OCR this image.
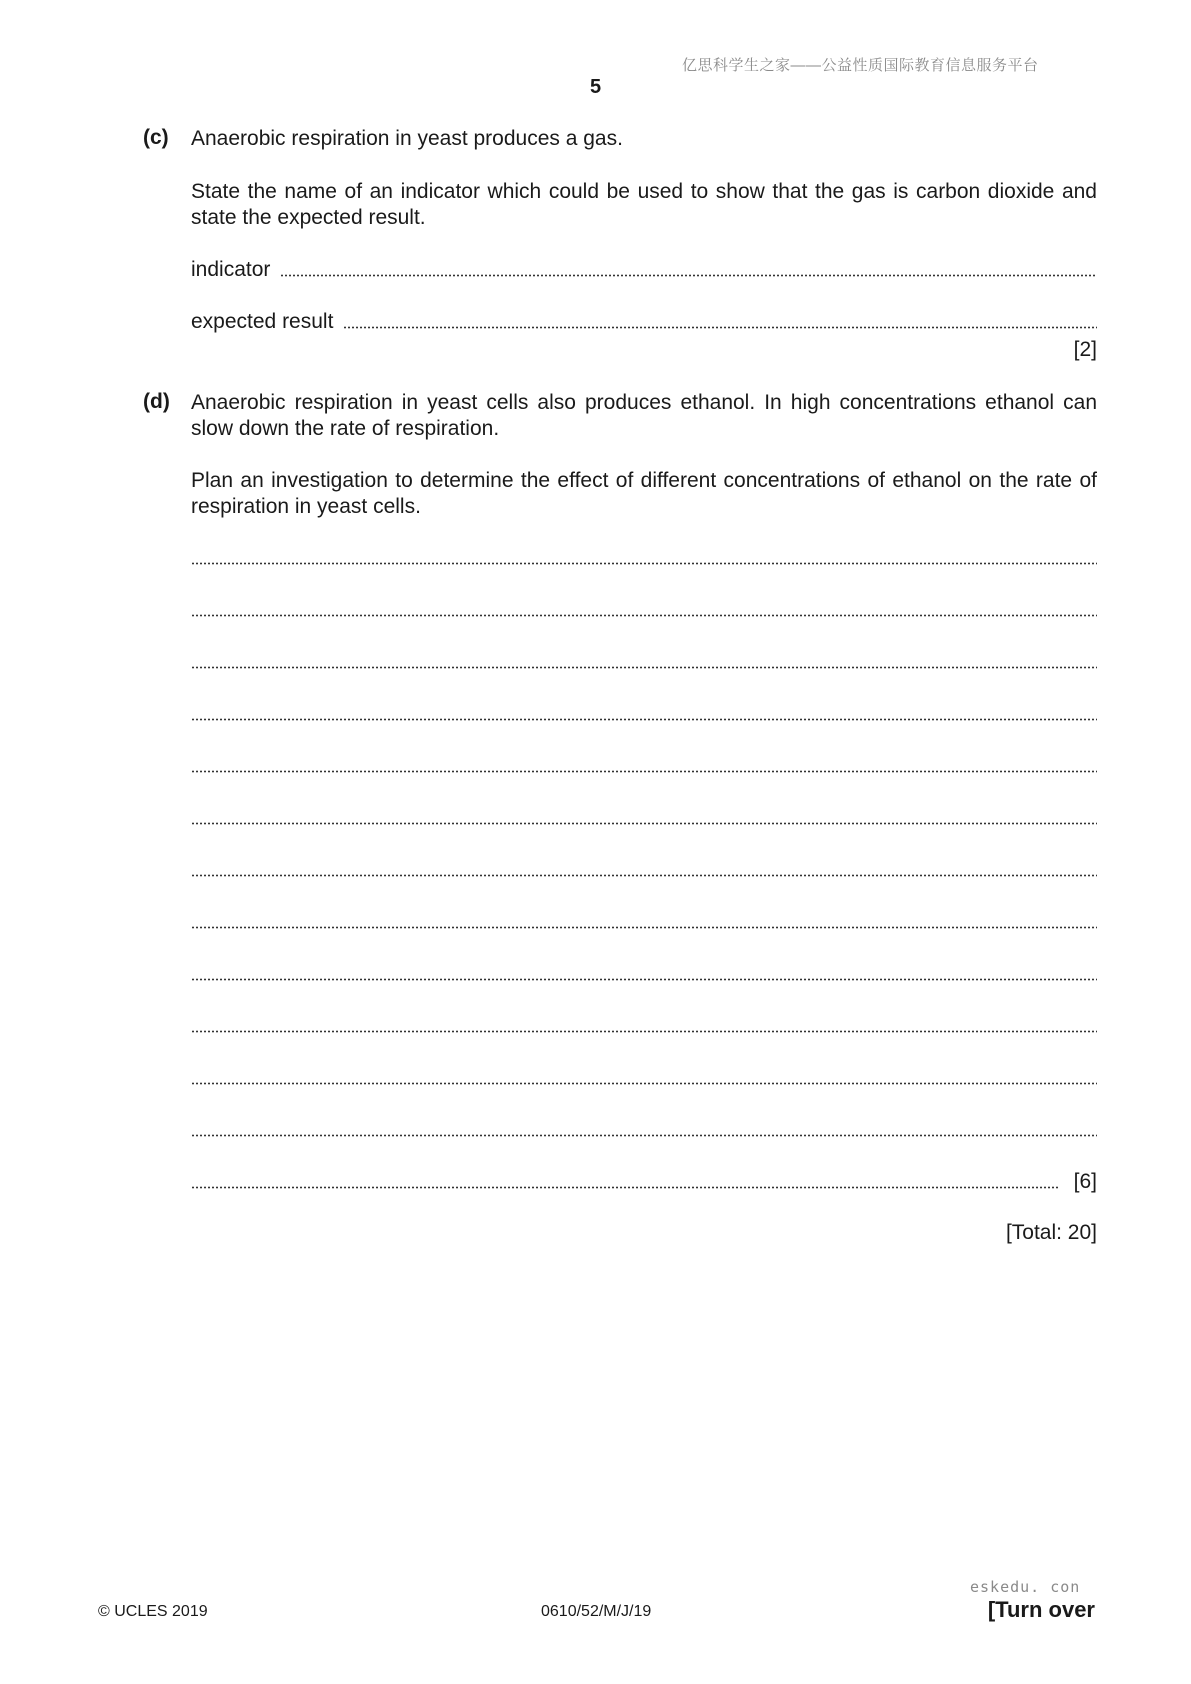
亿思科学生之家——公益性质国际教育信息服务平台
5
(c) Anaerobic respiration in yeast produces a gas.
State the name of an indicator which could be used to show that the gas is carbon dioxide and state the expected result.
indicator
expected result
[2]
(d) Anaerobic respiration in yeast cells also produces ethanol. In high concentrations ethanol can slow down the rate of respiration.
Plan an investigation to determine the effect of different concentrations of ethanol on the rate of respiration in yeast cells.
[6]
[Total: 20]
© UCLES 2019	0610/52/M/J/19
eskedu. con
[Turn over
